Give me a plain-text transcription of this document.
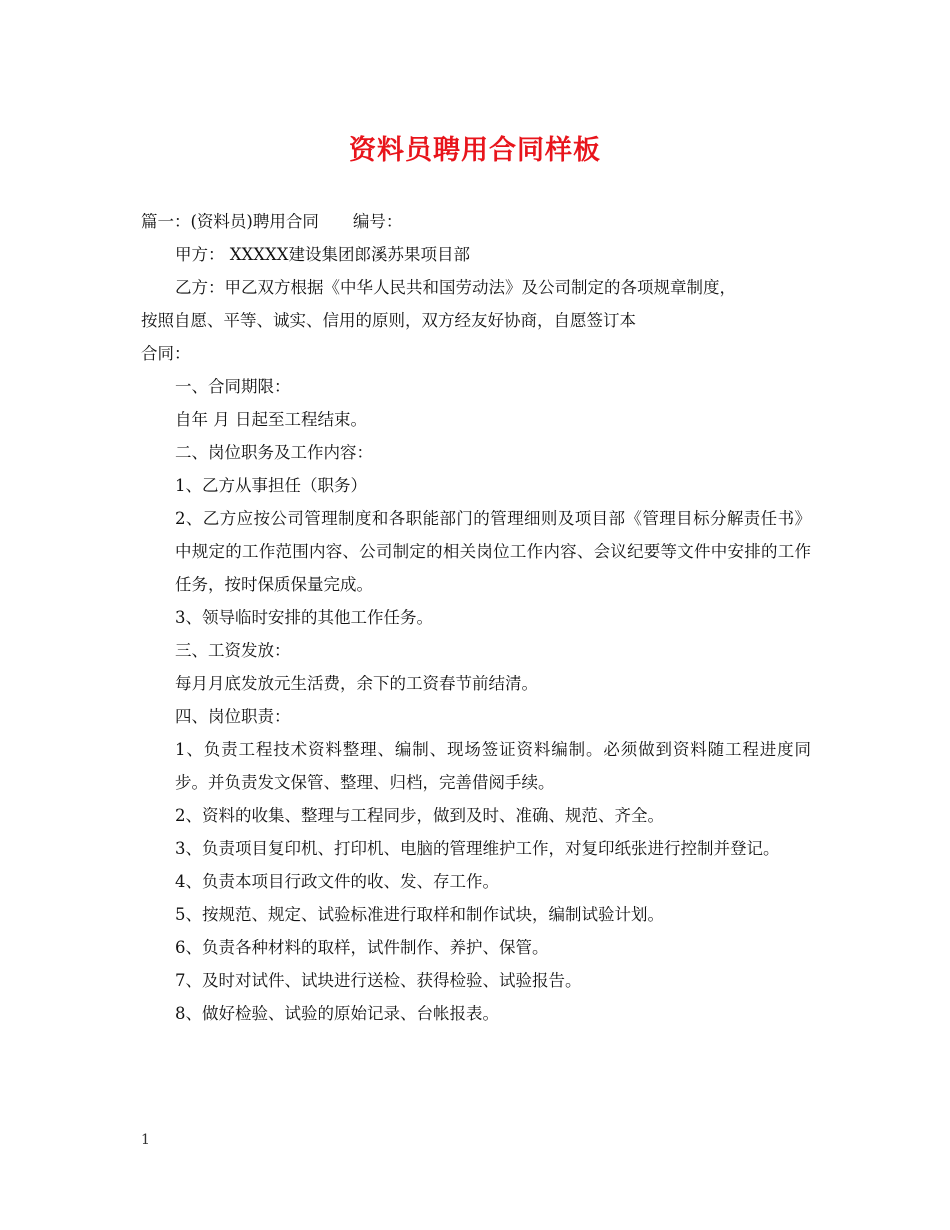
资料员聘用合同样板

篇一：(资料员)聘用合同 编号：

甲方： XXXXX建设集团郎溪苏果项目部

乙方：甲乙双方根据《中华人民共和国劳动法》及公司制定的各项规章制度，

按照自愿、平等、诚实、信用的原则，双方经友好协商，自愿签订本

合同：

一、合同期限：

自年 月 日起至工程结束。

二、岗位职务及工作内容：

1、乙方从事担任（职务）

2、乙方应按公司管理制度和各职能部门的管理细则及项目部《管理目标分解责任书》中规定的工作范围内容、公司制定的相关岗位工作内容、会议纪要等文件中安排的工作任务，按时保质保量完成。

3、领导临时安排的其他工作任务。

三、工资发放：

每月月底发放元生活费，余下的工资春节前结清。

四、岗位职责：

1、负责工程技术资料整理、编制、现场签证资料编制。必须做到资料随工程进度同步。并负责发文保管、整理、归档，完善借阅手续。

2、资料的收集、整理与工程同步，做到及时、准确、规范、齐全。

3、负责项目复印机、打印机、电脑的管理维护工作，对复印纸张进行控制并登记。

4、负责本项目行政文件的收、发、存工作。

5、按规范、规定、试验标准进行取样和制作试块，编制试验计划。

6、负责各种材料的取样，试件制作、养护、保管。

7、及时对试件、试块进行送检、获得检验、试验报告。

8、做好检验、试验的原始记录、台帐报表。

1
